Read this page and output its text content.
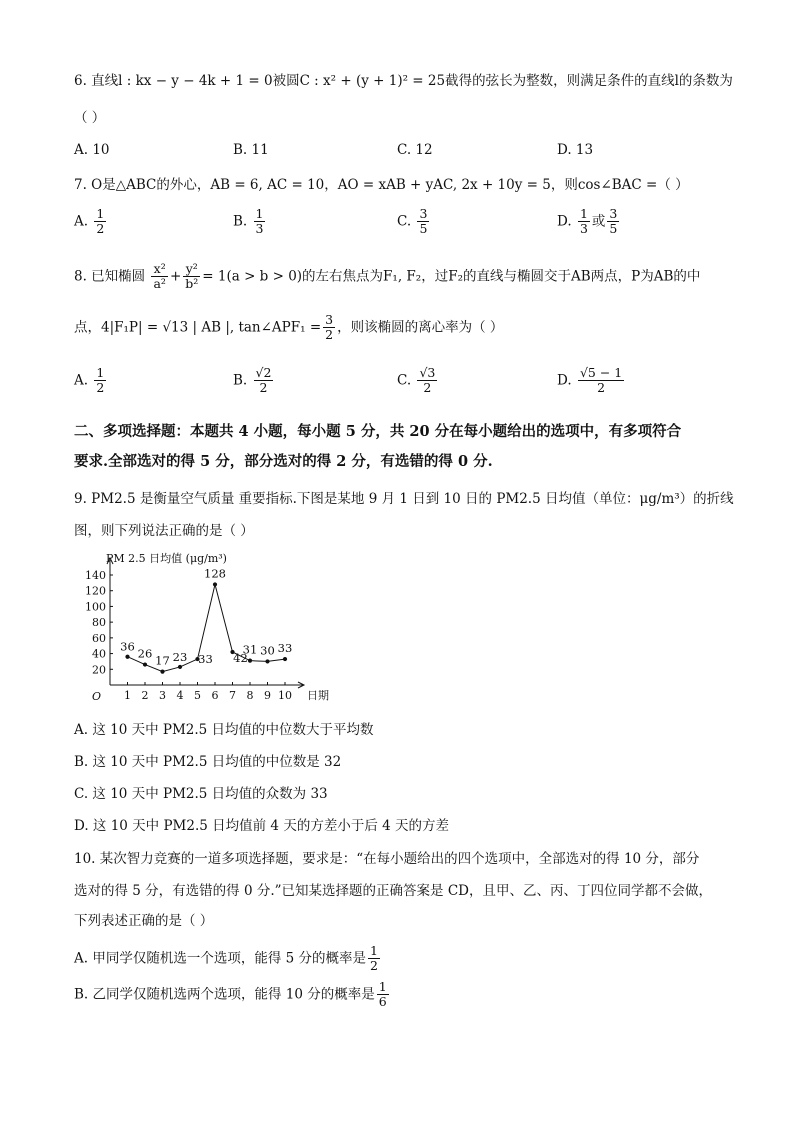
6. 直线l : kx − y − 4k + 1 = 0被圆C : x² + (y + 1)² = 25截得的弦长为整数，则满足条件的直线l的条数为
（ ）
A. 10	B. 11	C. 12	D. 13
7. O是△ABC的外心，AB = 6, AC = 10，AO = xAB + yAC, 2x + 10y = 5，则cos∠BAC =（ ）
A. $\frac{1}{2}$	B. $\frac{1}{3}$	C. $\frac{3}{5}$	D. $\frac{1}{3}$ 或 $\frac{3}{5}$
8. 已知椭圆 $\frac{\text{x²}}{\text{a²}} + \frac{\text{y²}}{\text{b²}} = 1(a > b > 0)$的左右焦点为F₁, F₂，过F₂的直线与椭圆交于AB两点，P为AB的中
点，4|F₁P| = √13 | AB |, tan∠APF₁ = $\frac{3}{2}$ ，则该椭圆的离心率为（ ）
A. $\frac{1}{2}$	B. $\frac{√2}{2}$	C. $\frac{√3}{2}$	D. $\frac{√5 - 1}{2}$
二、多项选择题：本题共 4 小题，每小题 5 分，共 20 分在每小题给出的选项中，有多项符合
要求.全部选对的得 5 分，部分选对的得 2 分，有选错的得 0 分.
9. PM2.5 是衡量空气质量 重要指标.下图是某地 9 月 1 日到 10 日的 PM2.5 日均值（单位：μg/m³）的折线
图，则下列说法正确的是（ ）
20
40
60
80
100
120
140
1 2 3 4 5 6 7 8 9 10
O	日期
PM 2.5 日均值 (μg/m³)
36 26
17 23 33
128
42
31 30 33
A. 这 10 天中 PM2.5 日均值的中位数大于平均数
B. 这 10 天中 PM2.5 日均值的中位数是 32
C. 这 10 天中 PM2.5 日均值的众数为 33
D. 这 10 天中 PM2.5 日均值前 4 天的方差小于后 4 天的方差
10. 某次智力竞赛的一道多项选择题，要求是：“在每小题给出的四个选项中，全部选对的得 10 分，部分
选对的得 5 分，有选错的得 0 分.”已知某选择题的正确答案是 CD，且甲、乙、丙、丁四位同学都不会做，
下列表述正确的是（ ）
A. 甲同学仅随机选一个选项，能得 5 分的概率是 $\frac{1}{2}$
B. 乙同学仅随机选两个选项，能得 10 分的概率是 $\frac{1}{6}$
